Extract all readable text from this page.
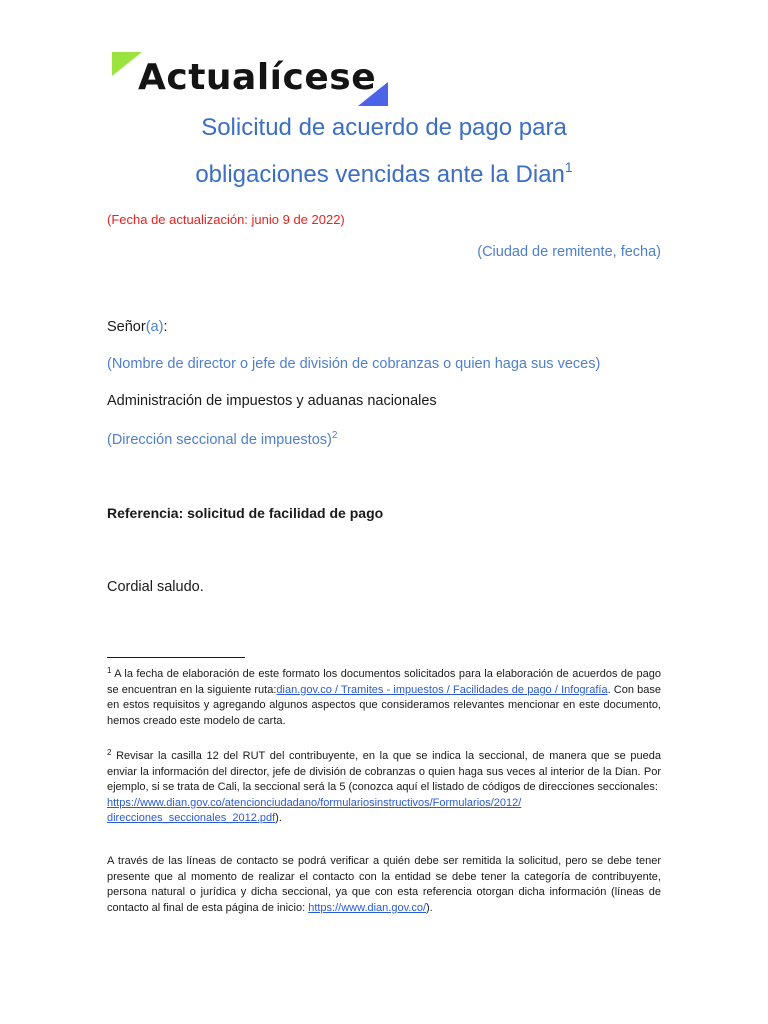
Actualícese
Solicitud de acuerdo de pago para
obligaciones vencidas ante la Dian$^1$
(Fecha de actualización: junio 9 de 2022)
(Ciudad de remitente, fecha)
Señor(a):
(Nombre de director o jefe de división de cobranzas o quien haga sus veces)
Administración de impuestos y aduanas nacionales
(Dirección seccional de impuestos)$^2$
Referencia: solicitud de facilidad de pago
Cordial saludo.
$^1$ A la fecha de elaboración de este formato los documentos solicitados para la elaboración de acuerdos de pago se encuentran en la siguiente ruta:dian.gov.co / Tramites - impuestos / Facilidades de pago / Infografía. Con base en estos requisitos y agregando algunos aspectos que consideramos relevantes mencionar en este documento, hemos creado este modelo de carta.
$^2$ Revisar la casilla 12 del RUT del contribuyente, en la que se indica la seccional, de manera que se pueda enviar la información del director, jefe de división de cobranzas o quien haga sus veces al interior de la Dian. Por ejemplo, si se trata de Cali, la seccional será la 5 (conozca aquí el listado de códigos de direcciones seccionales:
https://www.dian.gov.co/atencionciudadano/formulariosinstructivos/Formularios/2012/
direcciones_seccionales_2012.pdf).
A través de las líneas de contacto se podrá verificar a quién debe ser remitida la solicitud, pero se debe tener presente que al momento de realizar el contacto con la entidad se debe tener la categoría de contribuyente, persona natural o jurídica y dicha seccional, ya que con esta referencia otorgan dicha información (líneas de contacto al final de esta página de inicio: https://www.dian.gov.co/).
